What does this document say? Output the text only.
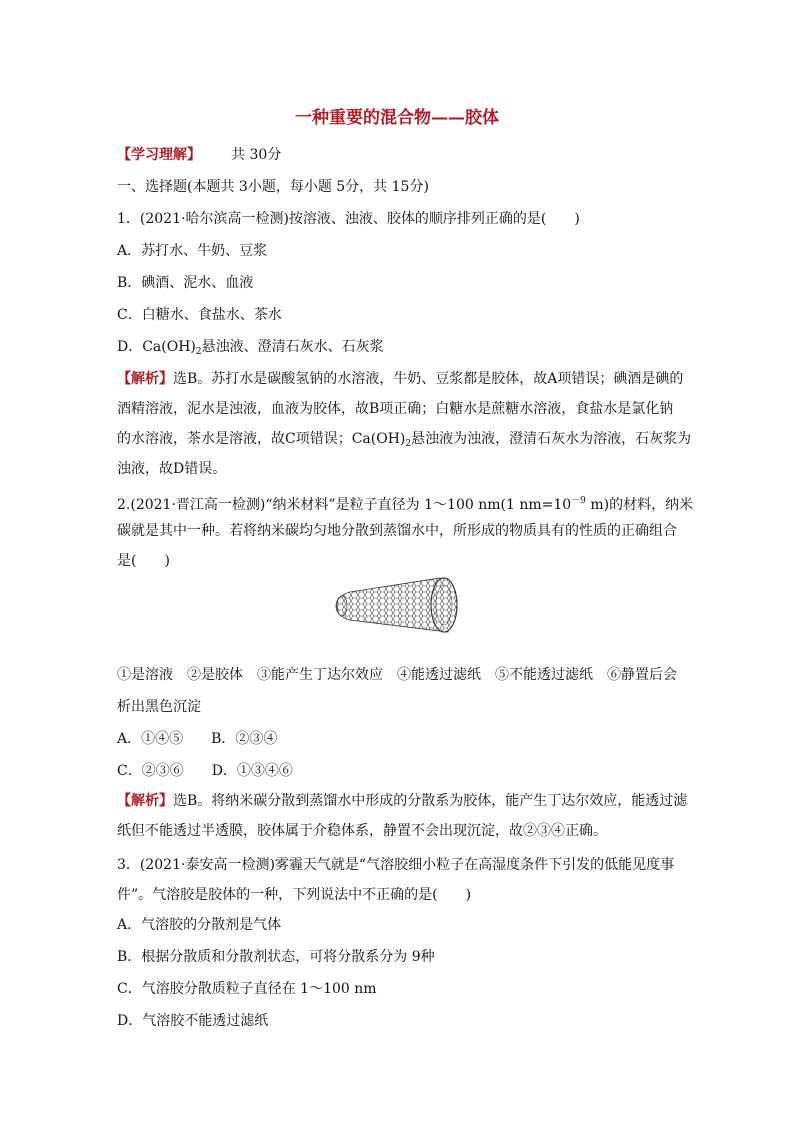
一种重要的混合物——胶体
【学习理解】 共 30分
一、选择题(本题共 3小题，每小题 5分，共 15分)
1．(2021·哈尔滨高一检测)按溶液、浊液、胶体的顺序排列正确的是(　　)
A．苏打水、牛奶、豆浆
B．碘酒、泥水、血液
C．白糖水、食盐水、茶水
D．$Ca(OH)_2$悬浊液、澄清石灰水、石灰浆
【解析】选B。苏打水是碳酸氢钠的水溶液，牛奶、豆浆都是胶体，故A项错误；碘酒是碘的
酒精溶液，泥水是浊液，血液为胶体，故B项正确；白糖水是蔗糖水溶液，食盐水是氯化钠
的水溶液，茶水是溶液，故C项错误；$Ca(OH)_2$悬浊液为浊液，澄清石灰水为溶液，石灰浆为
浊液，故D错误。
2.(2021·晋江高一检测)“纳米材料”是粒子直径为 1～100 nm(1 $nm=10^{-9}$ m)的材料，纳米
碳就是其中一种。若将纳米碳均匀地分散到蒸馏水中，所形成的物质具有的性质的正确组合
是(　　)
①是溶液　②是胶体　③能产生丁达尔效应　④能透过滤纸　⑤不能透过滤纸　⑥静置后会
析出黑色沉淀
A．①④⑤　　B．②③④
C．②③⑥　　D．①③④⑥
【解析】选B。将纳米碳分散到蒸馏水中形成的分散系为胶体，能产生丁达尔效应，能透过滤
纸但不能透过半透膜，胶体属于介稳体系，静置不会出现沉淀，故②③④正确。
3．(2021·泰安高一检测)雾霾天气就是“气溶胶细小粒子在高湿度条件下引发的低能见度事
件”。气溶胶是胶体的一种，下列说法中不正确的是(　　)
A．气溶胶的分散剂是气体
B．根据分散质和分散剂状态，可将分散系分为 9种
C．气溶胶分散质粒子直径在 1～100 nm
D．气溶胶不能透过滤纸
